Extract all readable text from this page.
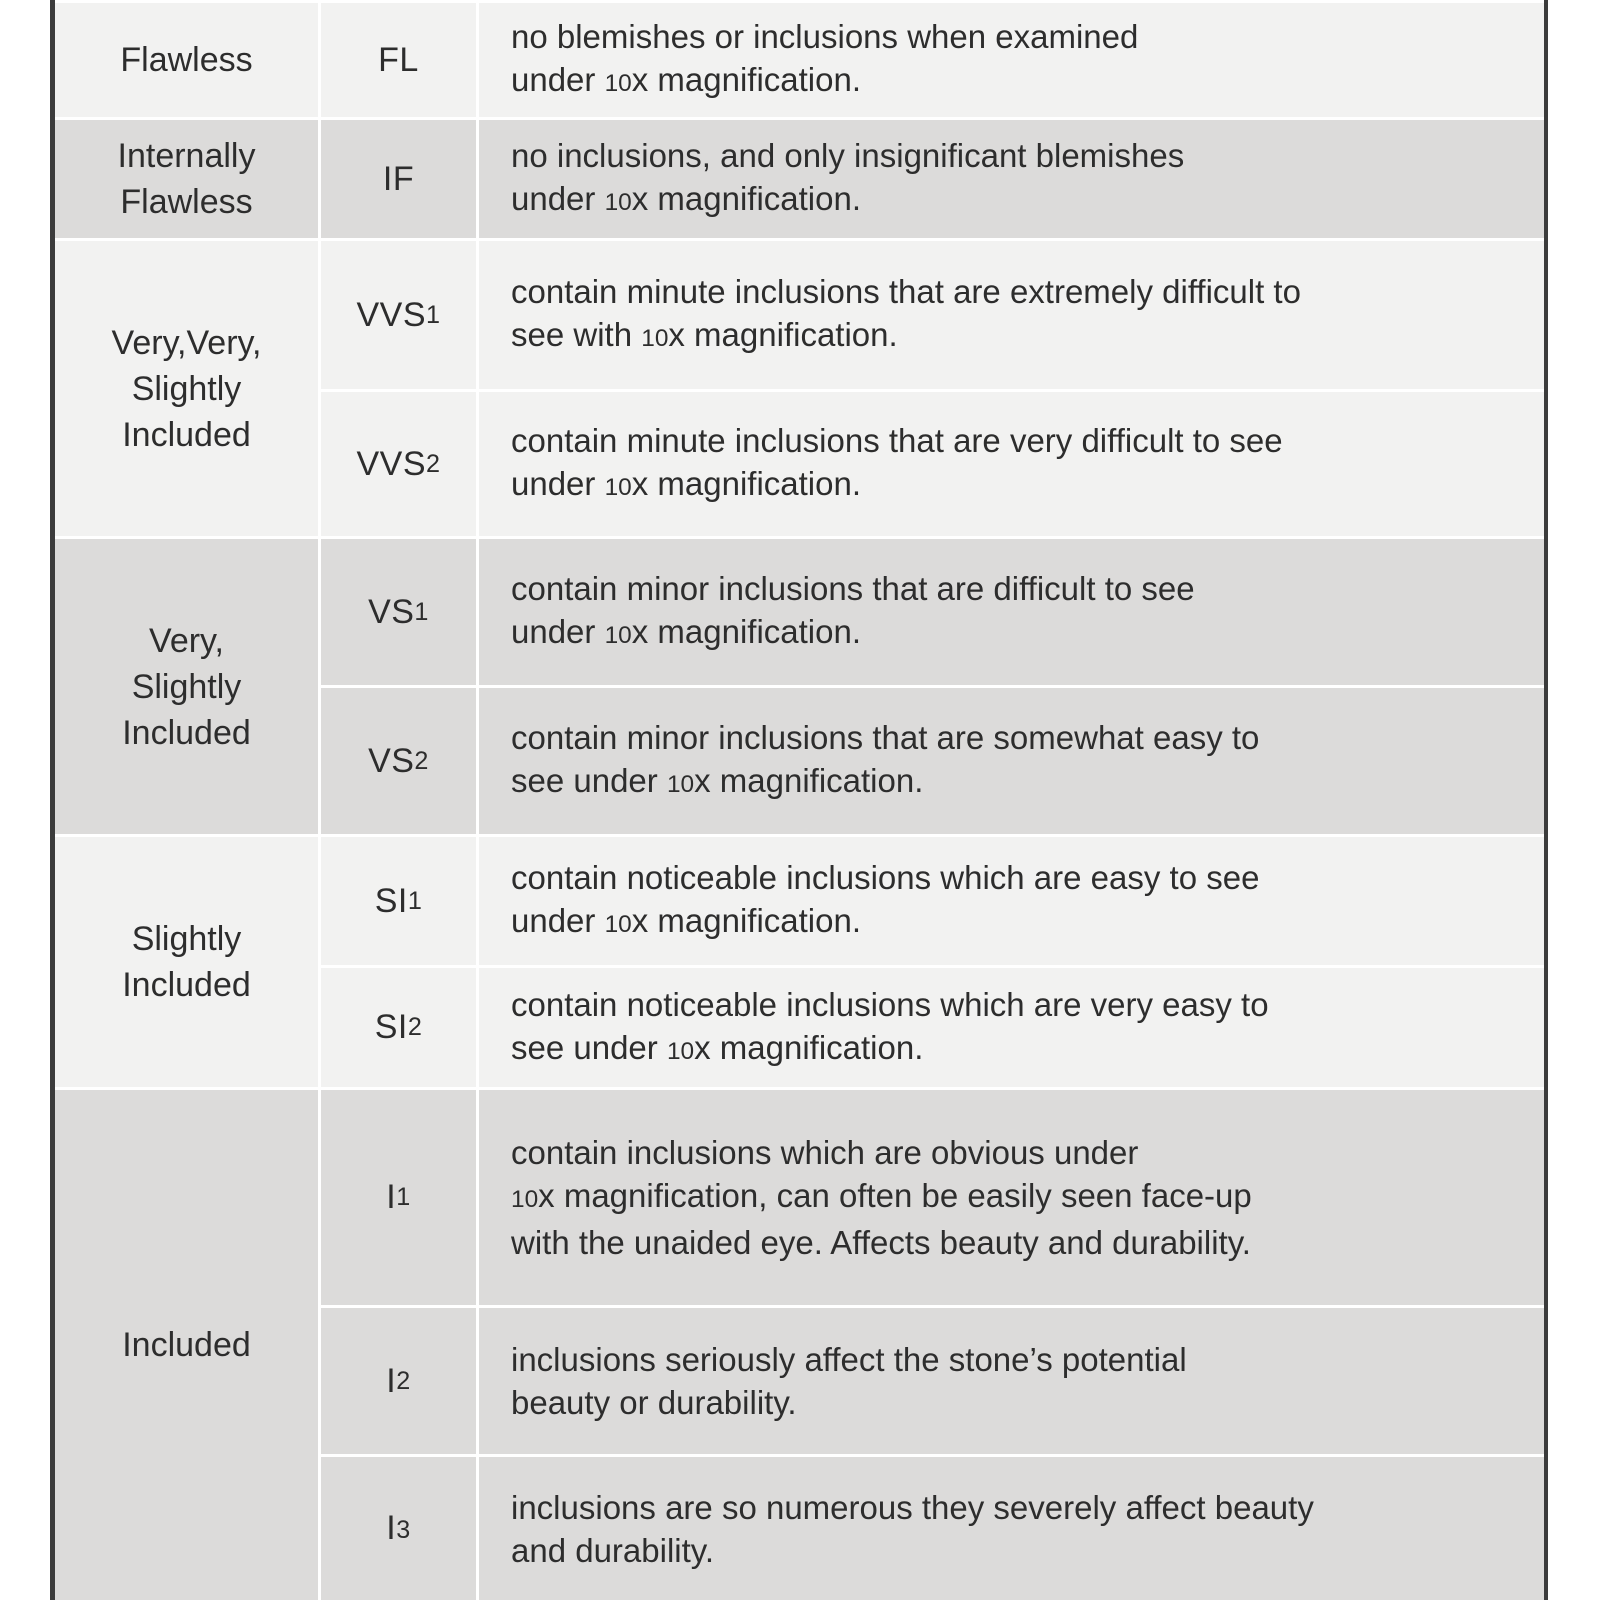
Flawless	FL
no blemishes or inclusions when examined
under 10x magnification.
Internally
Flawless
IF
no inclusions, and only insignificant blemishes
under 10x magnification.
Very,Very,
Slightly
Included
VVS 1
contain minute inclusions that are extremely difficult to
see with 10x magnification.
VVS 2
contain minute inclusions that are very difficult to see
under 10x magnification.
Very,
Slightly
Included
VS 1
contain minor inclusions that are difficult to see
under 10x magnification.
VS 2
contain minor inclusions that are somewhat easy to
see under 10x magnification.
Slightly
Included
SI 1
contain noticeable inclusions which are easy to see
under 10x magnification.
SI 2
contain noticeable inclusions which are very easy to
see under 10x magnification.
Included
I 1
contain inclusions which are obvious under
10x magnification, can often be easily seen face-up
with the unaided eye. Affects beauty and durability.
I 2
inclusions seriously affect the stone’s potential
beauty or durability.
I 3
inclusions are so numerous they severely affect beauty
and durability.
